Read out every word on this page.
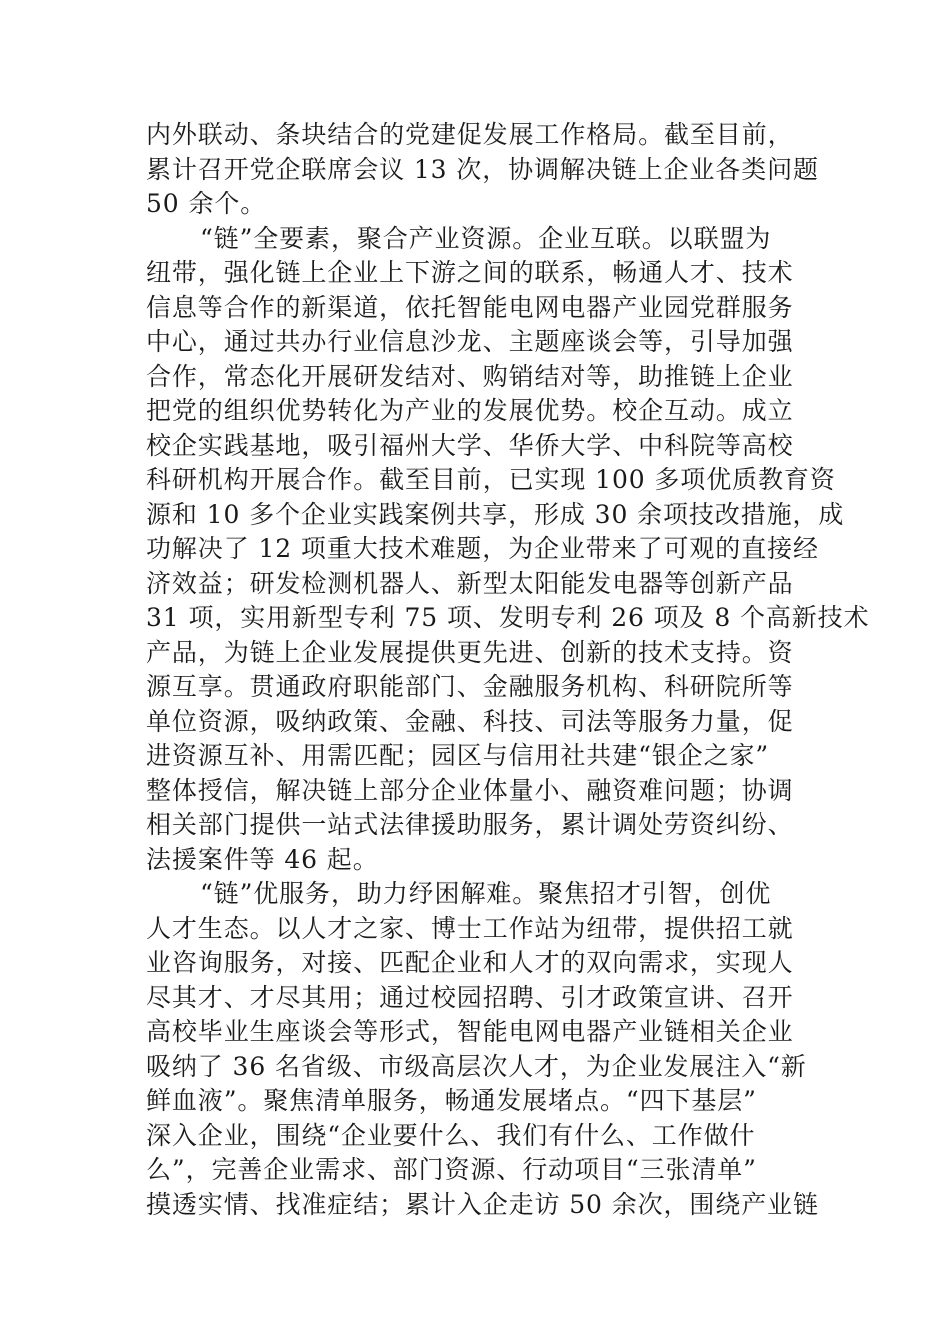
内外联动、条块结合的党建促发展工作格局。截至目前，
累计召开党企联席会议 13 次，协调解决链上企业各类问题
50 余个。

“链”全要素，聚合产业资源。企业互联。以联盟为
纽带，强化链上企业上下游之间的联系，畅通人才、技术
信息等合作的新渠道，依托智能电网电器产业园党群服务
中心，通过共办行业信息沙龙、主题座谈会等，引导加强
合作，常态化开展研发结对、购销结对等，助推链上企业
把党的组织优势转化为产业的发展优势。校企互动。成立
校企实践基地，吸引福州大学、华侨大学、中科院等高校
科研机构开展合作。截至目前，已实现 100 多项优质教育资
源和 10 多个企业实践案例共享，形成 30 余项技改措施，成
功解决了 12 项重大技术难题，为企业带来了可观的直接经
济效益；研发检测机器人、新型太阳能发电器等创新产品
31 项，实用新型专利 75 项、发明专利 26 项及 8 个高新技术
产品，为链上企业发展提供更先进、创新的技术支持。资
源互享。贯通政府职能部门、金融服务机构、科研院所等
单位资源，吸纳政策、金融、科技、司法等服务力量，促
进资源互补、用需匹配；园区与信用社共建“银企之家”
整体授信，解决链上部分企业体量小、融资难问题；协调
相关部门提供一站式法律援助服务，累计调处劳资纠纷、
法援案件等 46 起。

“链”优服务，助力纾困解难。聚焦招才引智，创优
人才生态。以人才之家、博士工作站为纽带，提供招工就
业咨询服务，对接、匹配企业和人才的双向需求，实现人
尽其才、才尽其用；通过校园招聘、引才政策宣讲、召开
高校毕业生座谈会等形式，智能电网电器产业链相关企业
吸纳了 36 名省级、市级高层次人才，为企业发展注入“新
鲜血液”。聚焦清单服务，畅通发展堵点。“四下基层”
深入企业，围绕“企业要什么、我们有什么、工作做什
么”，完善企业需求、部门资源、行动项目“三张清单”
摸透实情、找准症结；累计入企走访 50 余次，围绕产业链
